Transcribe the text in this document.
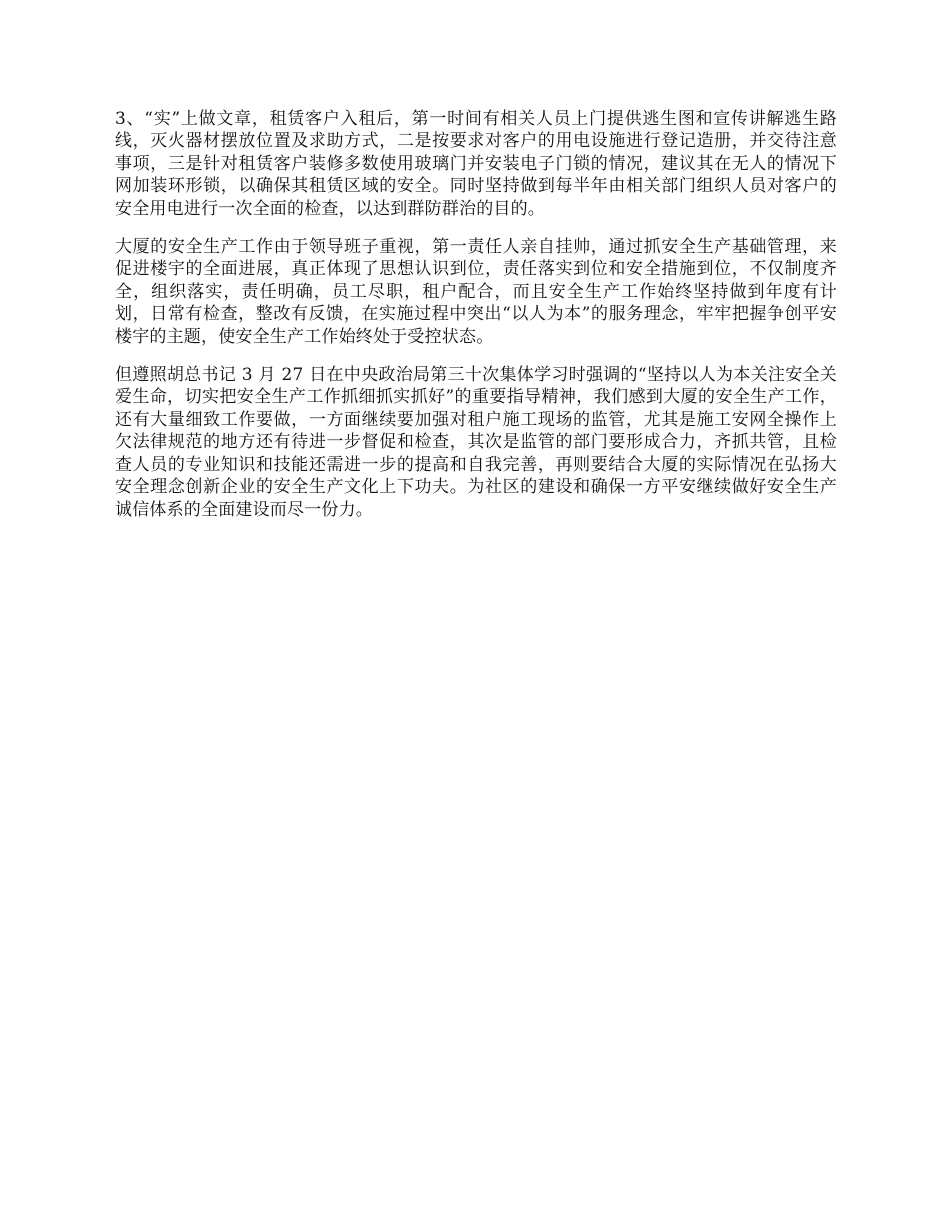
3、“实”上做文章，租赁客户入租后，第一时间有相关人员上门提供逃生图和宣传讲解逃生路线，灭火器材摆放位置及求助方式，二是按要求对客户的用电设施进行登记造册，并交待注意事项，三是针对租赁客户装修多数使用玻璃门并安装电子门锁的情况，建议其在无人的情况下网加装环形锁，以确保其租赁区域的安全。同时坚持做到每半年由相关部门组织人员对客户的安全用电进行一次全面的检查，以达到群防群治的目的。

大厦的安全生产工作由于领导班子重视，第一责任人亲自挂帅，通过抓安全生产基础管理，来促进楼宇的全面进展，真正体现了思想认识到位，责任落实到位和安全措施到位，不仅制度齐全，组织落实，责任明确，员工尽职，租户配合，而且安全生产工作始终坚持做到年度有计划，日常有检查，整改有反馈，在实施过程中突出“以人为本”的服务理念，牢牢把握争创平安楼宇的主题，使安全生产工作始终处于受控状态。

但遵照胡总书记 3 月 27 日在中央政治局第三十次集体学习时强调的“坚持以人为本关注安全关爱生命，切实把安全生产工作抓细抓实抓好”的重要指导精神，我们感到大厦的安全生产工作，还有大量细致工作要做，一方面继续要加强对租户施工现场的监管，尤其是施工安网全操作上欠法律规范的地方还有待进一步督促和检查，其次是监管的部门要形成合力，齐抓共管，且检查人员的专业知识和技能还需进一步的提高和自我完善，再则要结合大厦的实际情况在弘扬大安全理念创新企业的安全生产文化上下功夫。为社区的建设和确保一方平安继续做好安全生产诚信体系的全面建设而尽一份力。
